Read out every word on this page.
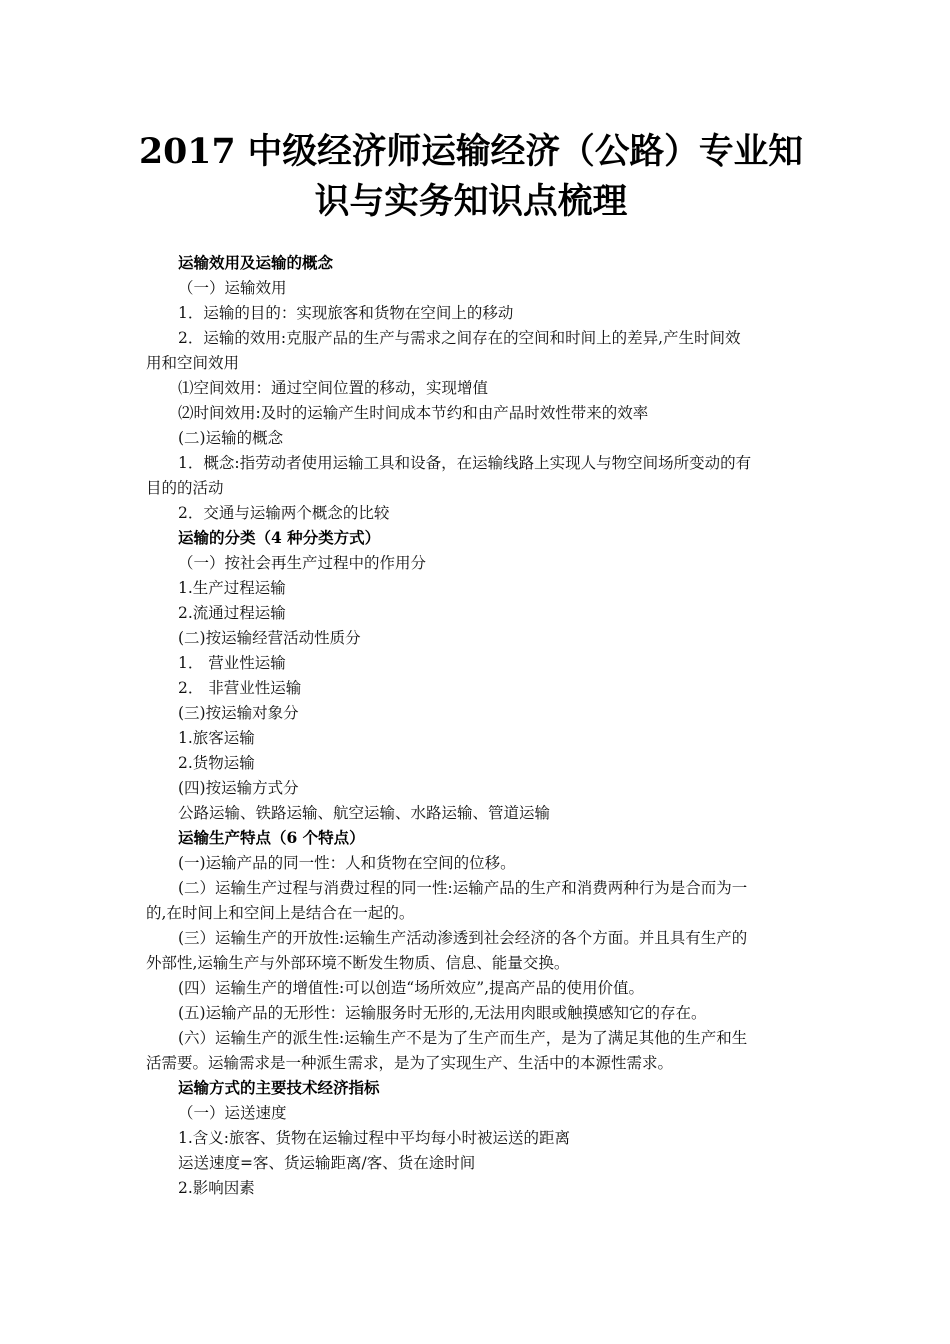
2017 中级经济师运输经济（公路）专业知
识与实务知识点梳理
运输效用及运输的概念
（一）运输效用
1．运输的目的：实现旅客和货物在空间上的移动
2．运输的效用:克服产品的生产与需求之间存在的空间和时间上的差异,产生时间效
用和空间效用
⑴空间效用：通过空间位置的移动，实现增值
⑵时间效用:及时的运输产生时间成本节约和由产品时效性带来的效率
(二)运输的概念
1．概念:指劳动者使用运输工具和设备，在运输线路上实现人与物空间场所变动的有
目的的活动
2．交通与运输两个概念的比较
运输的分类（4 种分类方式）
（一）按社会再生产过程中的作用分
1.生产过程运输
2.流通过程运输
(二)按运输经营活动性质分
1． 营业性运输
2． 非营业性运输
(三)按运输对象分
1.旅客运输
2.货物运输
(四)按运输方式分
公路运输、铁路运输、航空运输、水路运输、管道运输
运输生产特点（6 个特点）
(一)运输产品的同一性：人和货物在空间的位移。
(二）运输生产过程与消费过程的同一性:运输产品的生产和消费两种行为是合而为一
的,在时间上和空间上是结合在一起的。
(三）运输生产的开放性:运输生产活动渗透到社会经济的各个方面。并且具有生产的
外部性,运输生产与外部环境不断发生物质、信息、能量交换。
(四）运输生产的增值性:可以创造“场所效应”,提高产品的使用价值。
(五)运输产品的无形性：运输服务时无形的,无法用肉眼或触摸感知它的存在。
(六）运输生产的派生性:运输生产不是为了生产而生产，是为了满足其他的生产和生
活需要。运输需求是一种派生需求，是为了实现生产、生活中的本源性需求。
运输方式的主要技术经济指标
（一）运送速度
1.含义:旅客、货物在运输过程中平均每小时被运送的距离
运送速度=客、货运输距离/客、货在途时间
2.影响因素
